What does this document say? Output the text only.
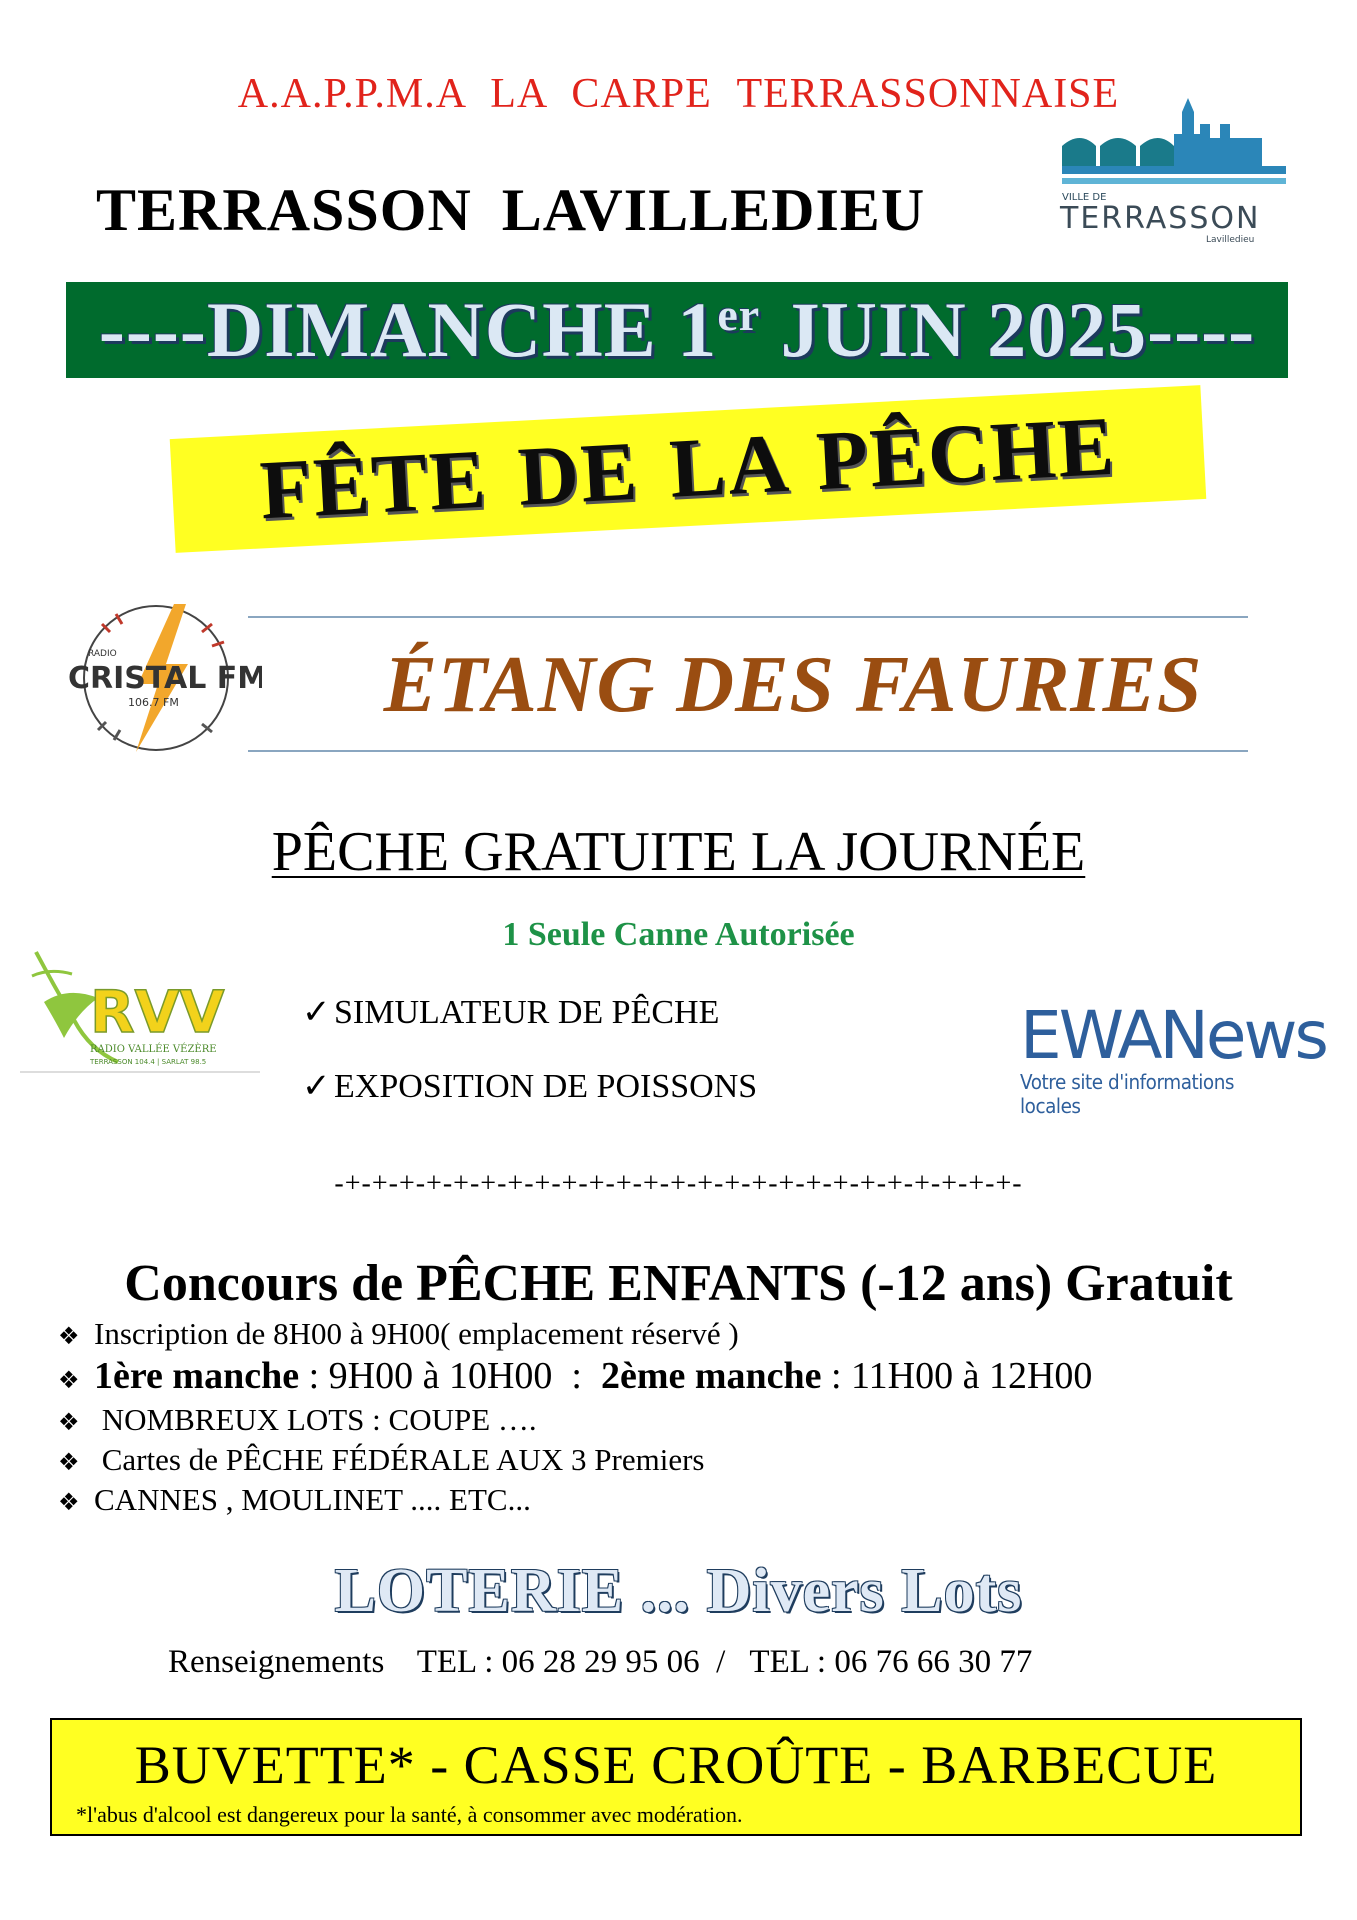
A.A.P.P.M.A LA CARPE TERRASSONNAISE
TERRASSON LAVILLEDIEU	VILLE DE
TERRASSON
Lavilledieu
----DIMANCHE 1er JUIN 2025----
FÊTE DE LA PÊCHE
RADIO
CRISTAL FM
106.7 FM	ÉTANG DES FAURIES
PÊCHE GRATUITE LA JOURNÉE
1 Seule Canne Autorisée
RVV
RADIO VALLÉE VÉZÈRE
TERRASSON 104.4 | SARLAT 98.5
✓ SIMULATEUR DE PÊCHE
✓ EXPOSITION DE POISSONS
EWANews
Votre site d'informations locales
-+-+-+-+-+-+-+-+-+-+-+-+-+-+-+-+-+-+-+-+-+-+-+-+-+-
Concours de PÊCHE ENFANTS (-12 ans) Gratuit
❖ Inscription de 8H00 à 9H00( emplacement réservé )
❖ 1ère manche : 9H00 à 10H00  :  2ème manche : 11H00 à 12H00
❖ NOMBREUX LOTS : COUPE ….
❖ Cartes de PÊCHE FÉDÉRALE AUX 3 Premiers
❖ CANNES , MOULINET .... ETC...
LOTERIE ... Divers Lots
Renseignements    TEL : 06 28 29 95 06  /   TEL : 06 76 66 30 77
BUVETTE* - CASSE CROÛTE - BARBECUE
*l'abus d'alcool est dangereux pour la santé, à consommer avec modération.
